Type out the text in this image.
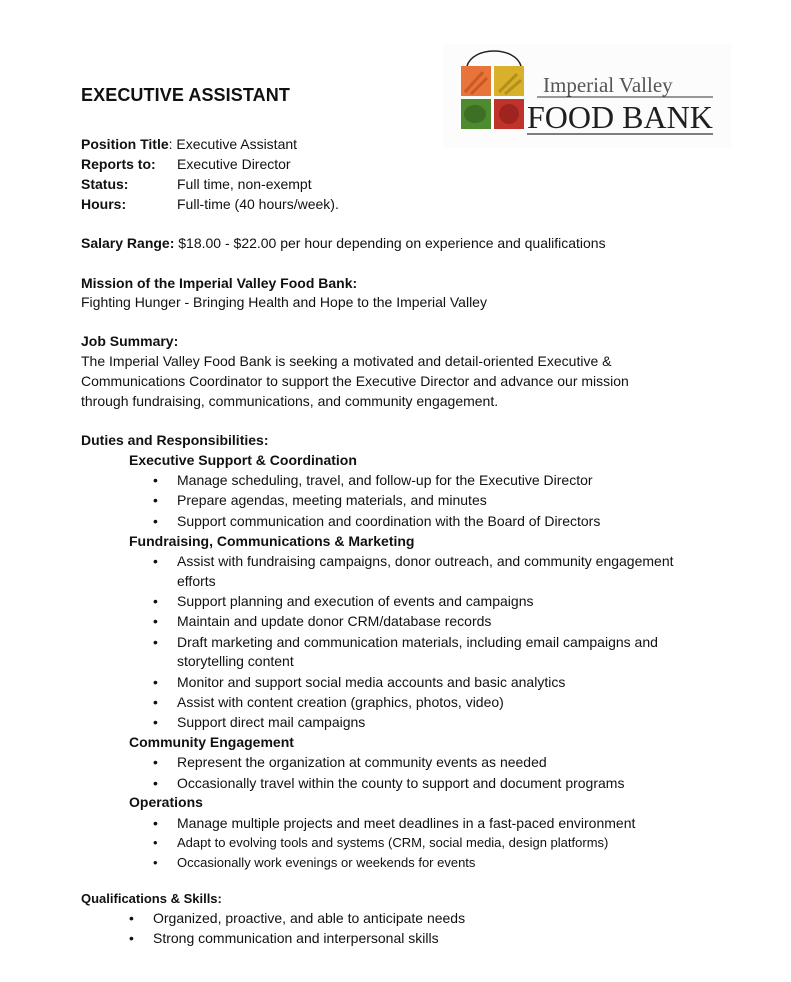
EXECUTIVE ASSISTANT	Imperial Valley
FOOD BANK
Position Title: Executive Assistant
Reports to: Executive Director
Status:	Full time, non-exempt
Hours:	Full-time (40 hours/week).
Salary Range: $18.00 - $22.00 per hour depending on experience and qualifications
Mission of the Imperial Valley Food Bank:
Fighting Hunger - Bringing Health and Hope to the Imperial Valley
Job Summary:
The Imperial Valley Food Bank is seeking a motivated and detail-oriented Executive &
Communications Coordinator to support the Executive Director and advance our mission
through fundraising, communications, and community engagement.
Duties and Responsibilities:
Executive Support & Coordination
• Manage scheduling, travel, and follow-up for the Executive Director
• Prepare agendas, meeting materials, and minutes
• Support communication and coordination with the Board of Directors
Fundraising, Communications & Marketing
• Assist with fundraising campaigns, donor outreach, and community engagement
efforts
• Support planning and execution of events and campaigns
• Maintain and update donor CRM/database records
• Draft marketing and communication materials, including email campaigns and
storytelling content
• Monitor and support social media accounts and basic analytics
• Assist with content creation (graphics, photos, video)
• Support direct mail campaigns
Community Engagement
• Represent the organization at community events as needed
• Occasionally travel within the county to support and document programs
Operations
• Manage multiple projects and meet deadlines in a fast-paced environment
• Adapt to evolving tools and systems (CRM, social media, design platforms)
• Occasionally work evenings or weekends for events
Qualifications & Skills:
• Organized, proactive, and able to anticipate needs
• Strong communication and interpersonal skills
